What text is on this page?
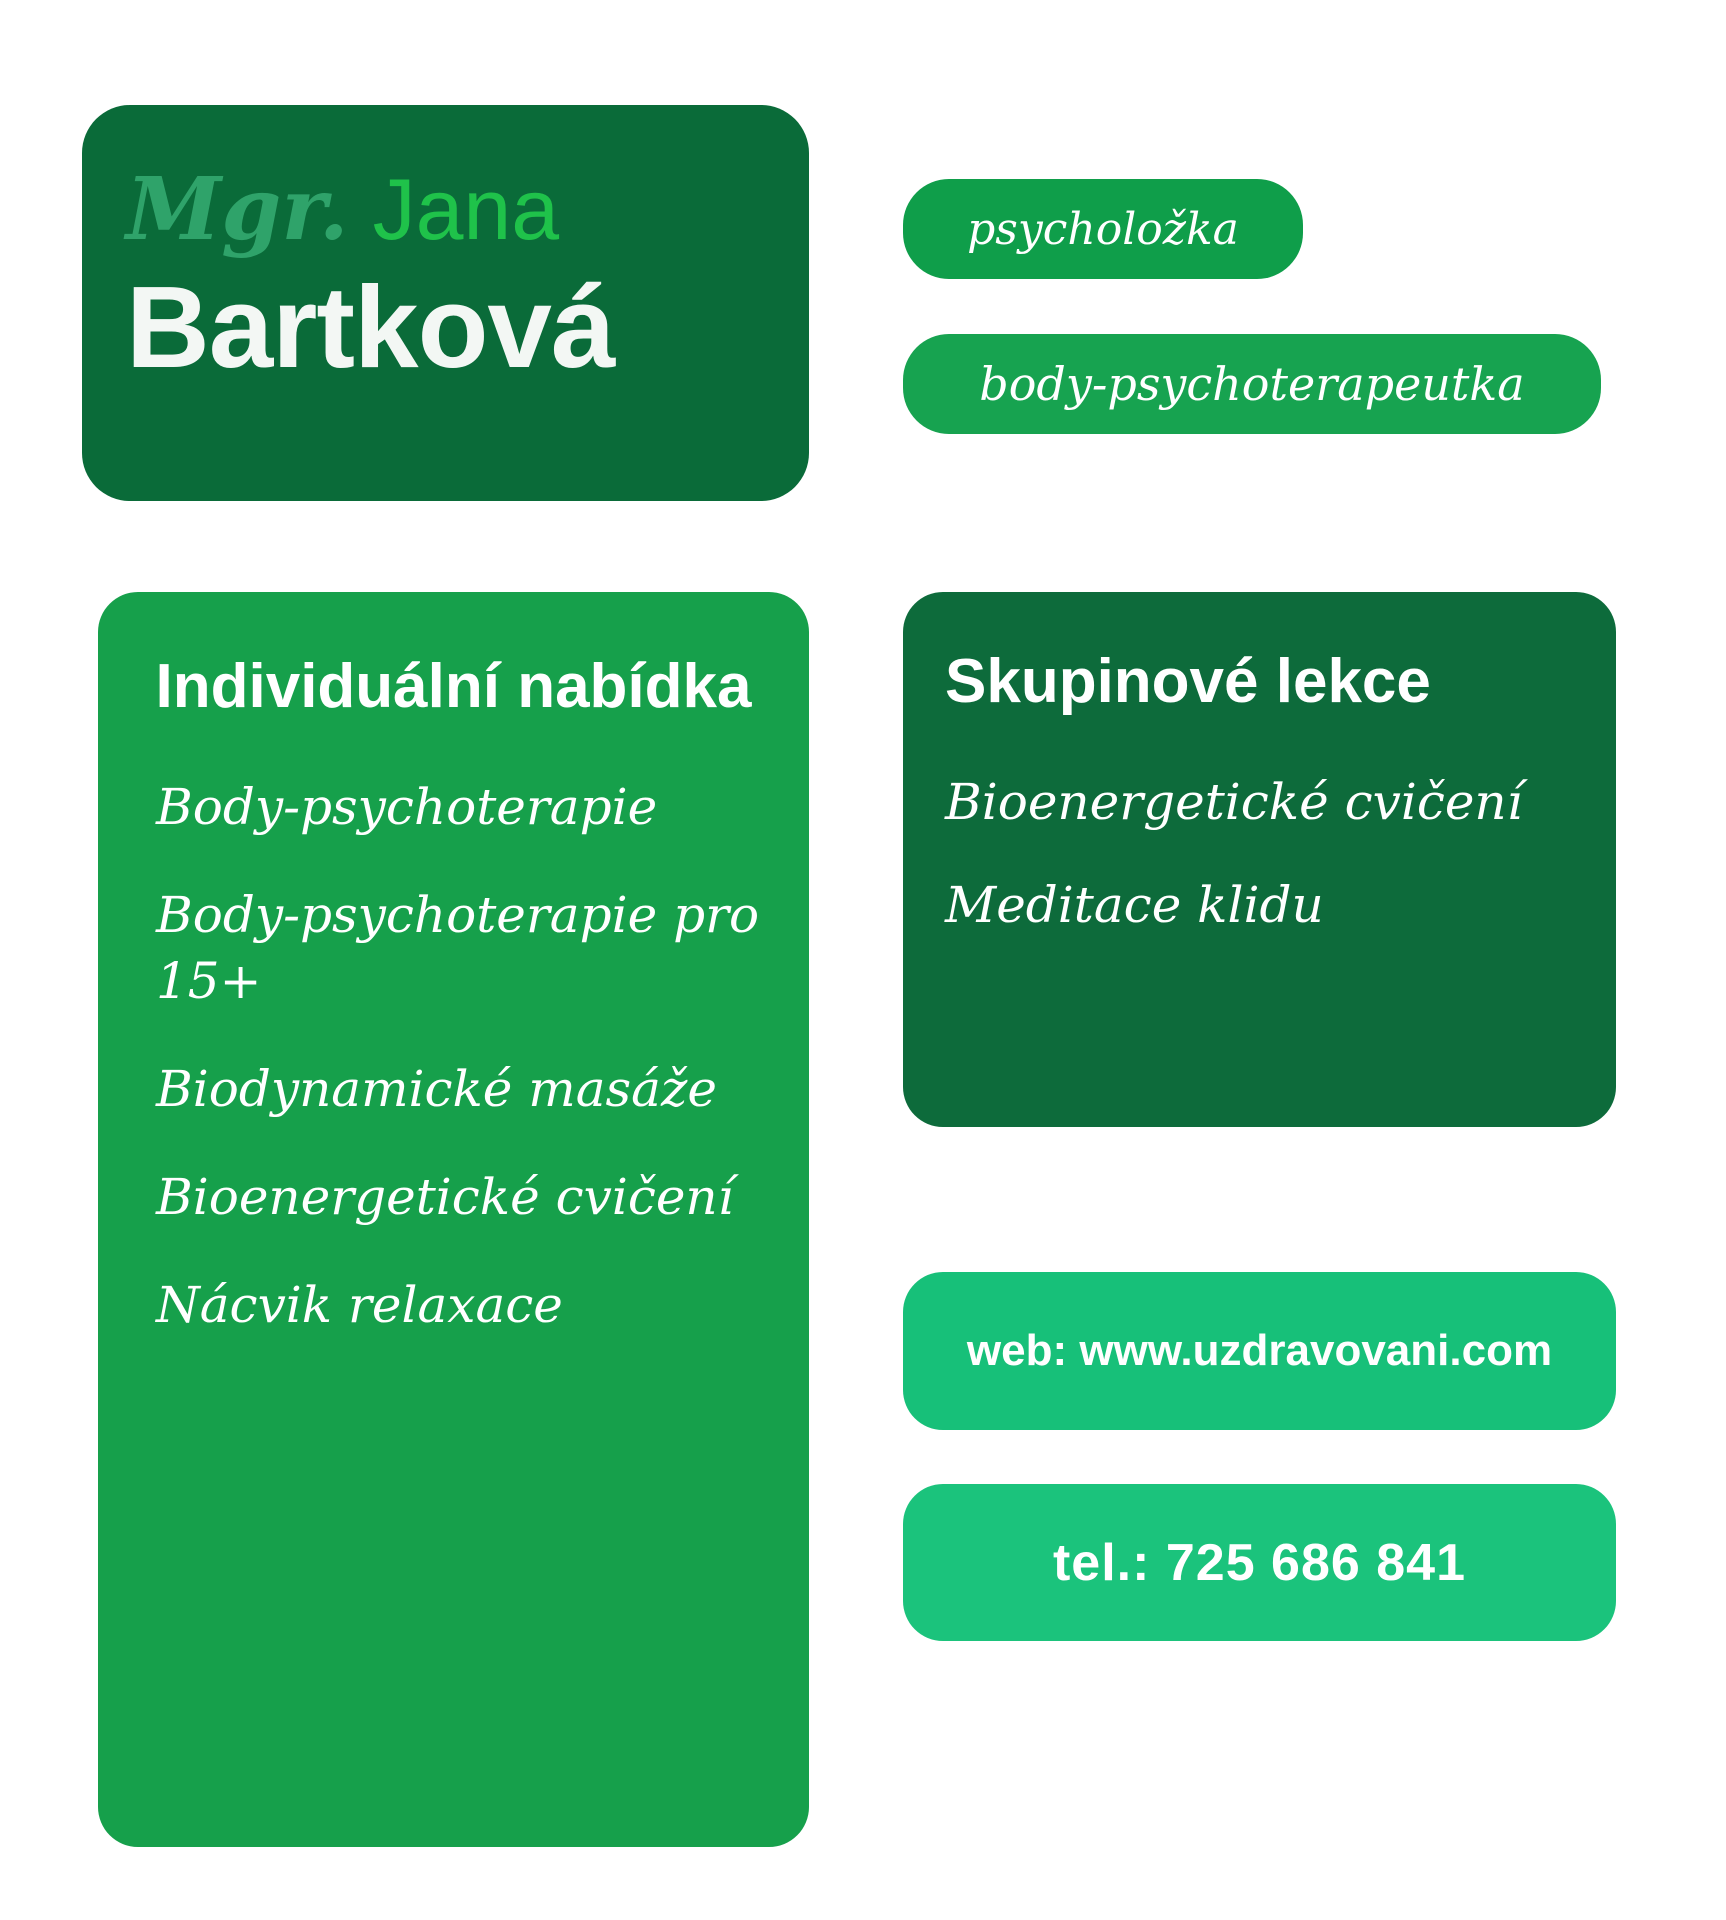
Mgr. Jana
Bartková
psycholožka
body-psychoterapeutka
Individuální nabídka
Body-psychoterapie
Body-psychoterapie pro 15+
Biodynamické masáže
Bioenergetické cvičení
Nácvik relaxace
Skupinové lekce
Bioenergetické cvičení
Meditace klidu
web: www.uzdravovani.com
tel.: 725 686 841
